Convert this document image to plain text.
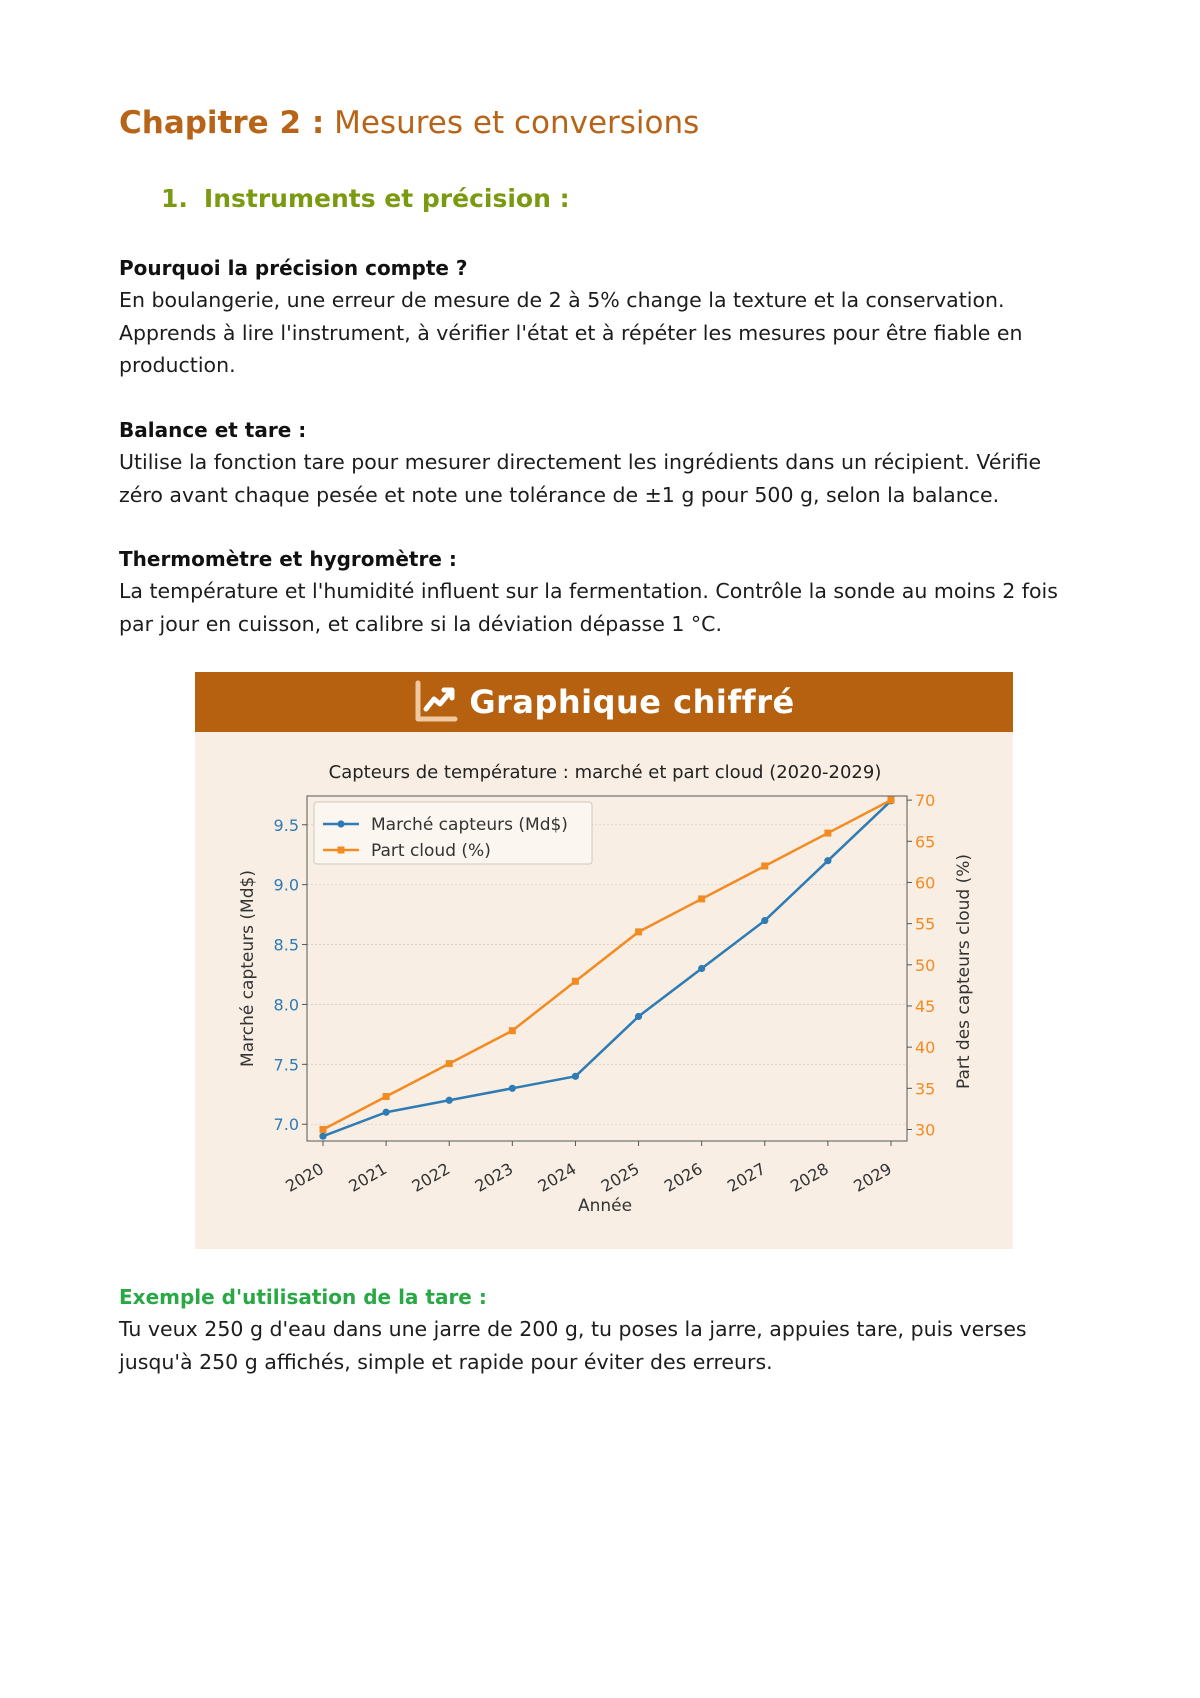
Chapitre 2 : Mesures et conversions
1. Instruments et précision :
Pourquoi la précision compte ?

En boulangerie, une erreur de mesure de 2 à 5% change la texture et la conservation. Apprends à lire l'instrument, à vérifier l'état et à répéter les mesures pour être fiable en production.

Balance et tare :

Utilise la fonction tare pour mesurer directement les ingrédients dans un récipient. Vérifie zéro avant chaque pesée et note une tolérance de ±1 g pour 500 g, selon la balance.

Thermomètre et hygromètre :

La température et l'humidité influent sur la fermentation. Contrôle la sonde au moins 2 fois par jour en cuisson, et calibre si la déviation dépasse 1 °C.

Exemple d'utilisation de la tare :

Tu veux 250 g d'eau dans une jarre de 200 g, tu poses la jarre, appuies tare, puis verses jusqu'à 250 g affichés, simple et rapide pour éviter des erreurs.

Graphique chiffré
Capteurs de température : marché et part cloud (2020-2029)
7.0
7.5
8.0
8.5
9.0
9.5
30
35
40
45
50
55
60
65
70
2020 2021 2022 2023 2024 2025 2026 2027 2028 2029
Année
Marché capteurs (Md$)	Part des capteurs cloud (%)
Marché capteurs (Md$)
Part cloud (%)
